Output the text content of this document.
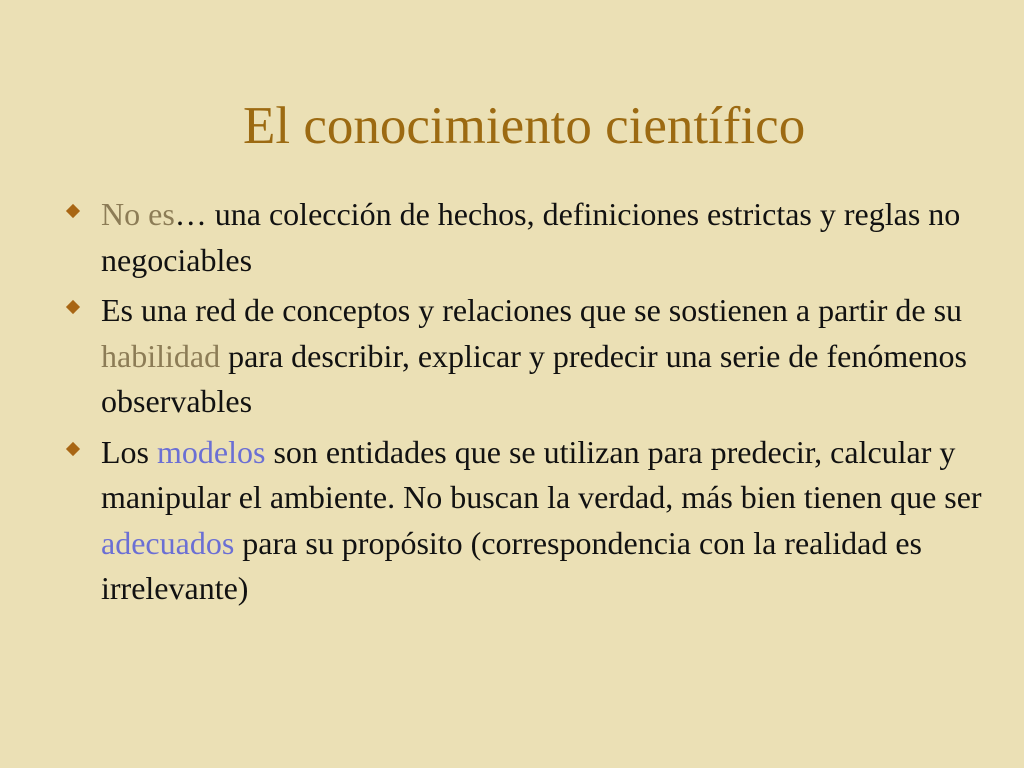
El conocimiento científico
No es… una colección de hechos, definiciones estrictas y reglas no negociables
Es una red de conceptos y relaciones que se sostienen a partir de su habilidad para describir, explicar y predecir una serie de fenómenos observables
Los modelos son entidades que se utilizan para predecir, calcular y manipular el ambiente. No buscan la verdad, más bien tienen que ser adecuados para su propósito (correspondencia con la realidad es irrelevante)
